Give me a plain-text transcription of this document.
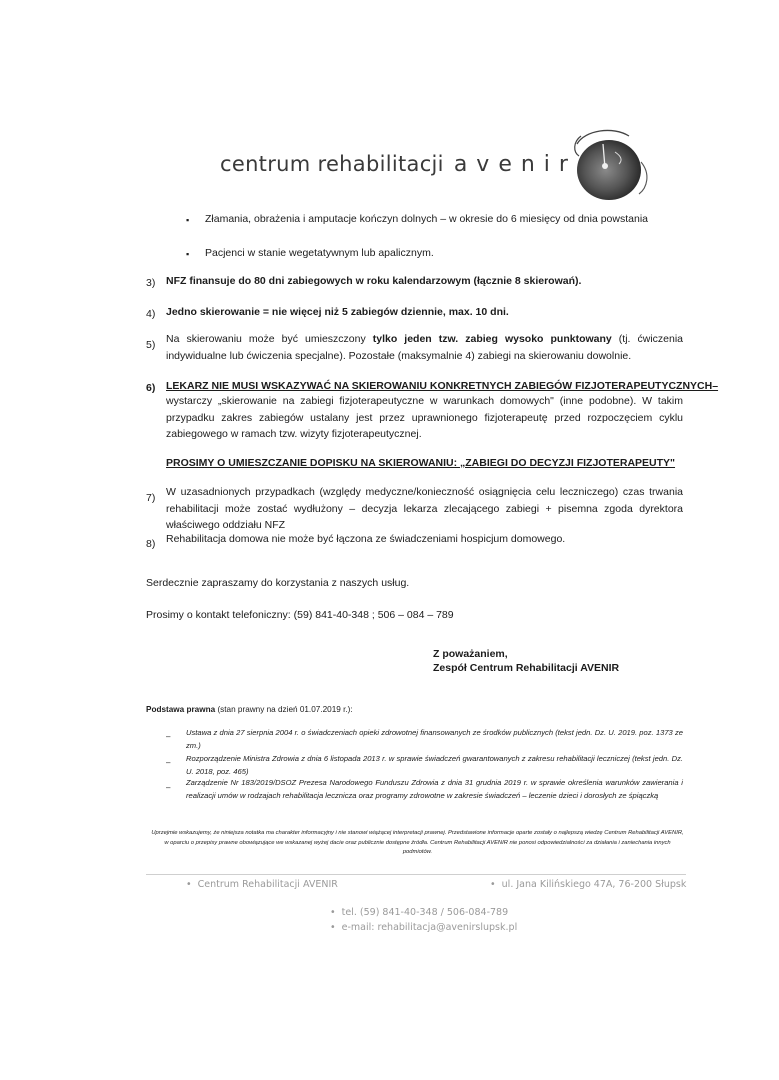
centrum rehabilitacji avenir
▪ Złamania, obrażenia i amputacje kończyn dolnych – w okresie do 6 miesięcy od dnia powstania
▪ Pacjenci w stanie wegetatywnym lub apalicznym.
3) NFZ finansuje do 80 dni zabiegowych w roku kalendarzowym (łącznie 8 skierowań).
4) Jedno skierowanie = nie więcej niż 5 zabiegów dziennie, max. 10 dni.
5) Na skierowaniu może być umieszczony tylko jeden tzw. zabieg wysoko punktowany (tj. ćwiczenia indywidualne lub ćwiczenia specjalne). Pozostałe (maksymalnie 4) zabiegi na skierowaniu dowolnie.
6) LEKARZ NIE MUSI WSKAZYWAĆ NA SKIEROWANIU KONKRETNYCH ZABIEGÓW FIZJOTERAPEUTYCZNYCH–
wystarczy „skierowanie na zabiegi fizjoterapeutyczne w warunkach domowych" (inne podobne). W takim przypadku zakres zabiegów ustalany jest przez uprawnionego fizjoterapeutę przed rozpoczęciem cyklu zabiegowego w ramach tzw. wizyty fizjoterapeutycznej.
PROSIMY O UMIESZCZANIE DOPISKU NA SKIEROWANIU: „ZABIEGI DO DECYZJI FIZJOTERAPEUTY"
7) W uzasadnionych przypadkach (względy medyczne/konieczność osiągnięcia celu leczniczego) czas trwania rehabilitacji może zostać wydłużony – decyzja lekarza zlecającego zabiegi + pisemna zgoda dyrektora właściwego oddziału NFZ
8) Rehabilitacja domowa nie może być łączona ze świadczeniami hospicjum domowego.
Serdecznie zapraszamy do korzystania z naszych usług.
Prosimy o kontakt telefoniczny: (59) 841-40-348 ; 506 – 084 – 789
Z poważaniem,
Zespół Centrum Rehabilitacji AVENIR
Podstawa prawna (stan prawny na dzień 01.07.2019 r.):
– Ustawa z dnia 27 sierpnia 2004 r. o świadczeniach opieki zdrowotnej finansowanych ze środków publicznych (tekst jedn. Dz. U. 2019. poz. 1373 ze zm.)
– Rozporządzenie Ministra Zdrowia z dnia 6 listopada 2013 r. w sprawie świadczeń gwarantowanych z zakresu rehabilitacji leczniczej (tekst jedn. Dz. U. 2018, poz. 465)
–
Zarządzenie Nr 183/2019/DSOZ Prezesa Narodowego Funduszu Zdrowia z dnia 31 grudnia 2019 r. w sprawie określenia warunków zawierania i realizacji umów w rodzajach rehabilitacja lecznicza oraz programy zdrowotne w zakresie świadczeń – leczenie dzieci i dorosłych ze śpiączką
Uprzejmie wskazujemy, że niniejsza notatka ma charakter informacyjny i nie stanowi wiążącej interpretacji prawnej. Przedstawione informacje oparte zostały o najlepszą wiedzę Centrum Rehabilitacji AVENIR, w oparciu o przepisy prawne obowiązujące we wskazanej wyżej dacie oraz publicznie dostępne źródła. Centrum Rehabilitacji AVENIR nie ponosi odpowiedzialności za działania i zaniechania innych podmiotów.
•  Centrum Rehabilitacji AVENIR	•  ul. Jana Kilińskiego 47A, 76-200 Słupsk
•  tel. (59) 841-40-348 / 506-084-789
•  e-mail: rehabilitacja@avenirslupsk.pl
